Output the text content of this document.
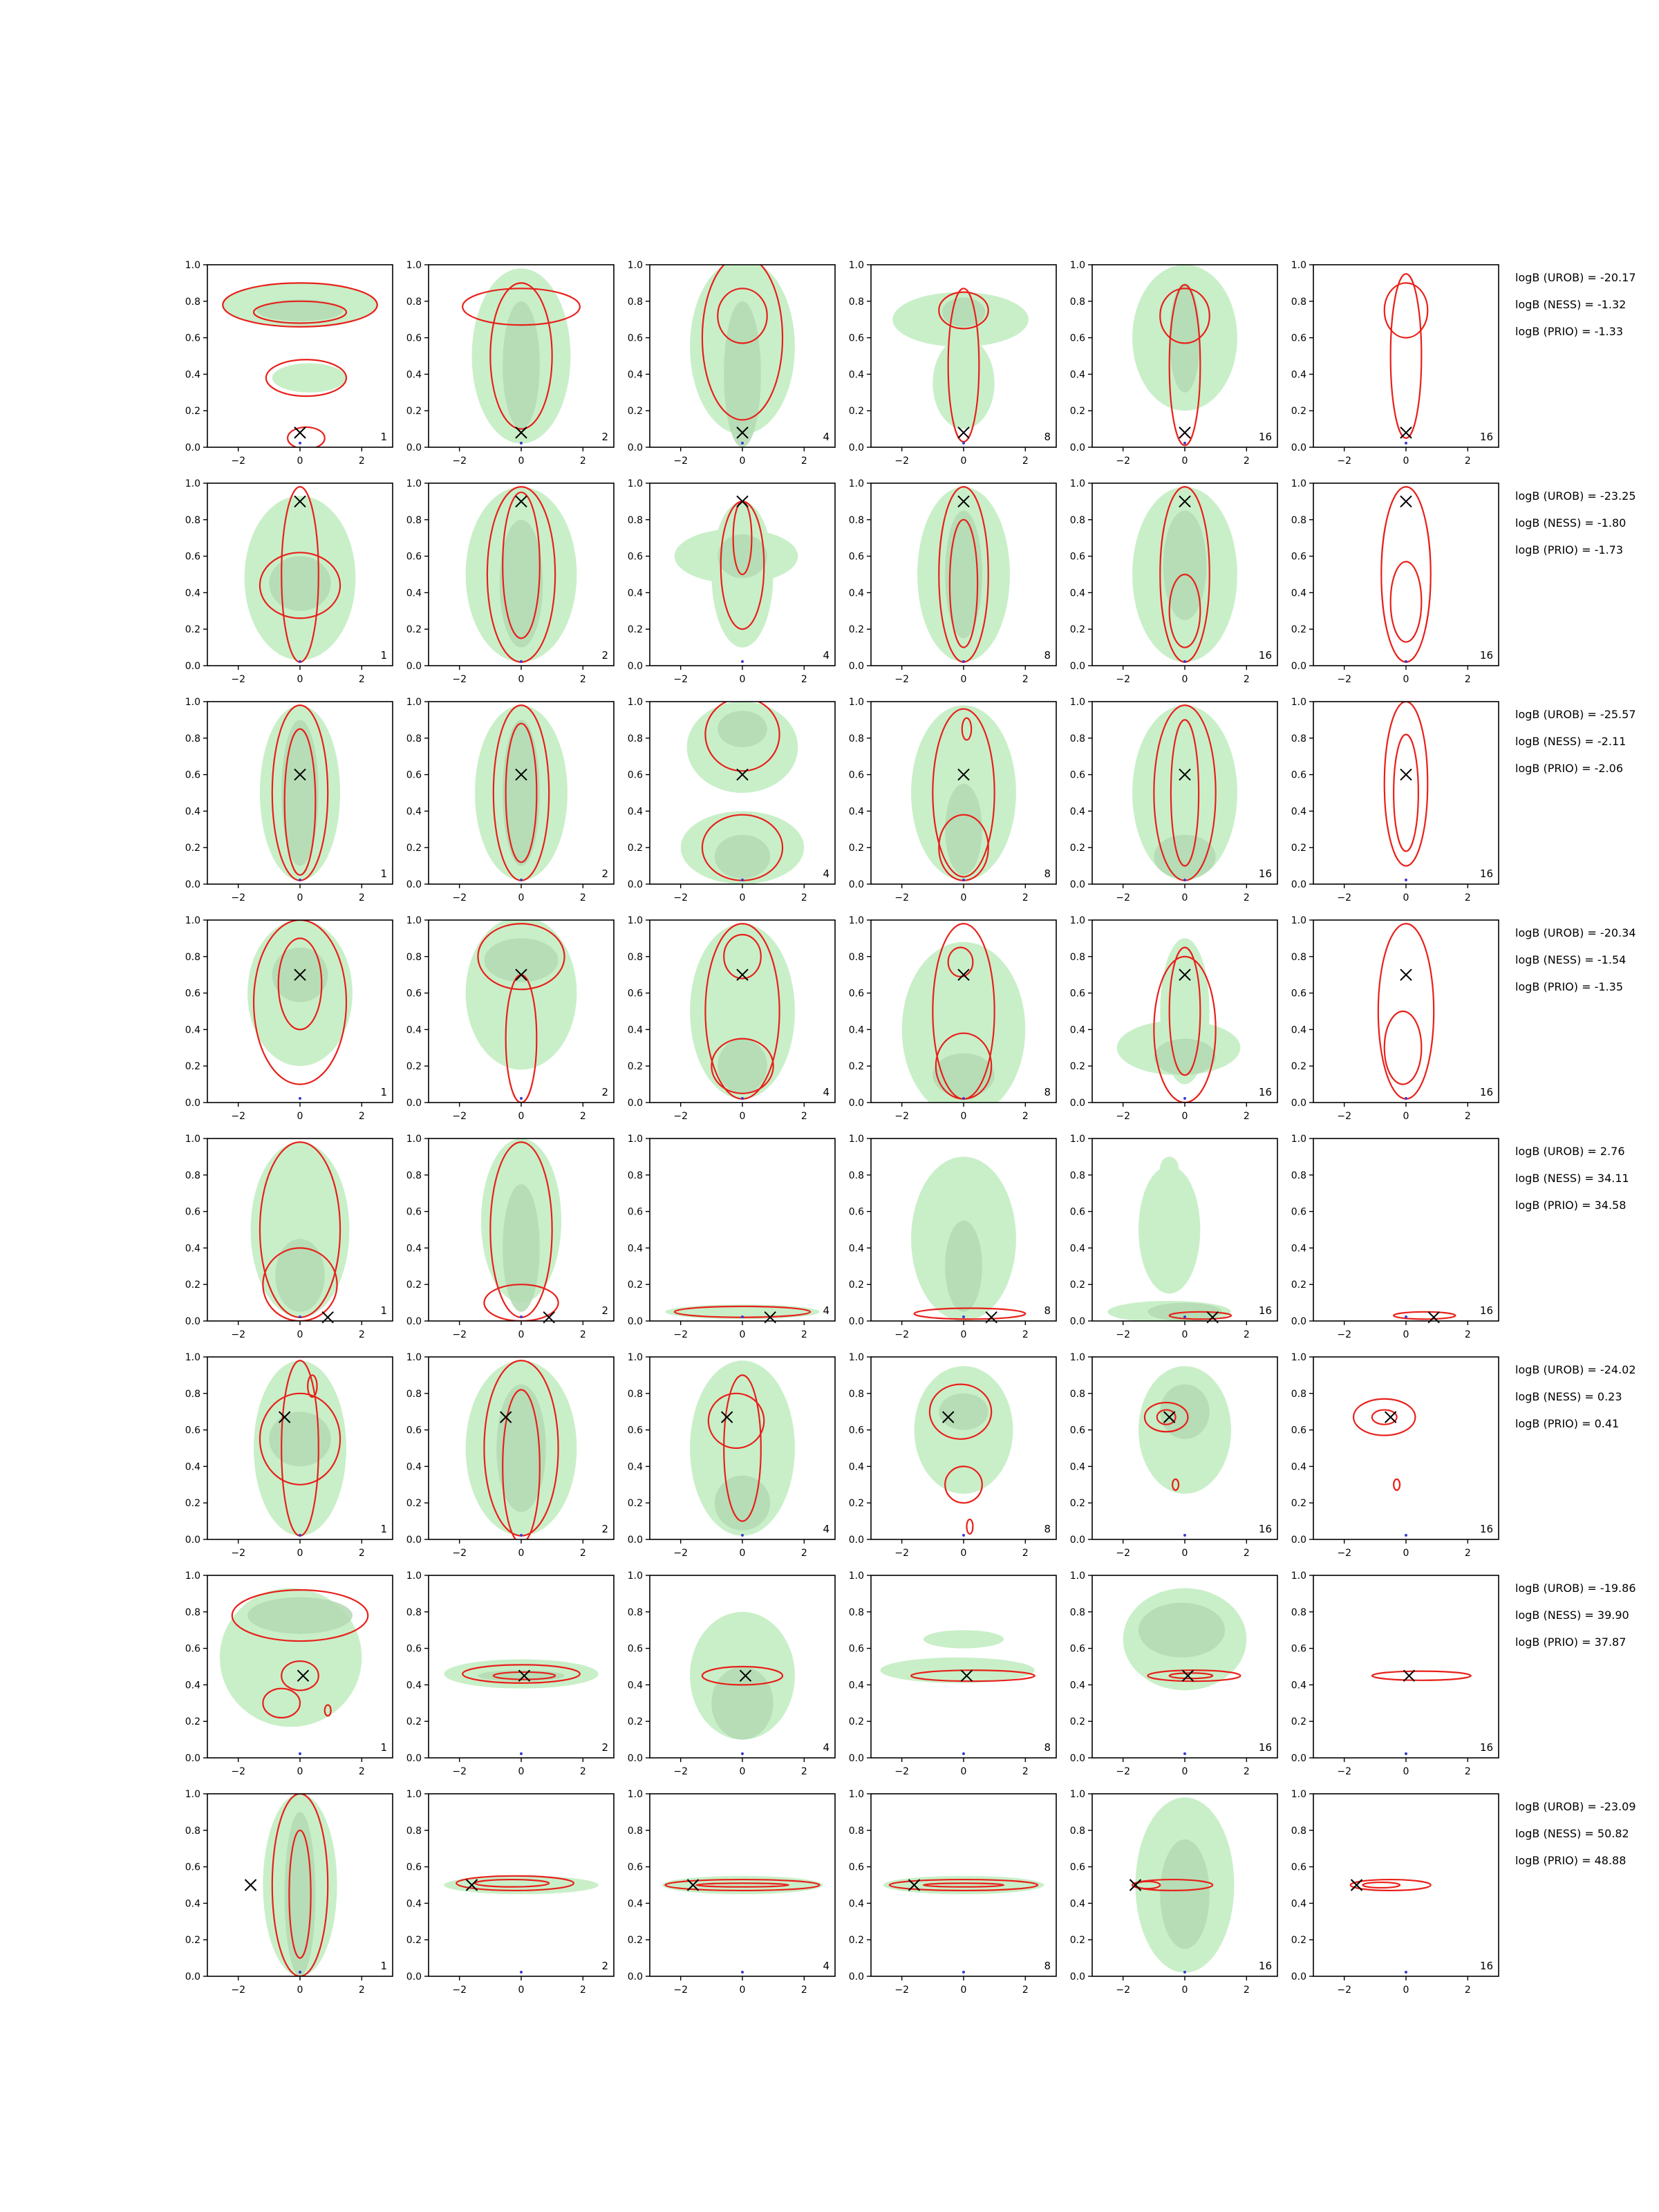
0.0
0.2
0.4
0.6
0.8
1.0
−2	0	2
1
0.0
0.2
0.4
0.6
0.8
1.0
−2	0	2
2
0.0
0.2
0.4
0.6
0.8
1.0
−2	0	2
4
0.0
0.2
0.4
0.6
0.8
1.0
−2	0	2
8
0.0
0.2
0.4
0.6
0.8
1.0
−2	0	2
16
0.0
0.2
0.4
0.6
0.8
1.0
−2	0	2
16
logB (UROB) = -20.17
logB (NESS) = -1.32
logB (PRIO) = -1.33
0.0
0.2
0.4
0.6
0.8
1.0
−2	0	2
1
0.0
0.2
0.4
0.6
0.8
1.0
−2	0	2
2
0.0
0.2
0.4
0.6
0.8
1.0
−2	0	2
4
0.0
0.2
0.4
0.6
0.8
1.0
−2	0	2
8
0.0
0.2
0.4
0.6
0.8
1.0
−2	0	2
16
0.0
0.2
0.4
0.6
0.8
1.0
−2	0	2
16
logB (UROB) = -23.25
logB (NESS) = -1.80
logB (PRIO) = -1.73
0.0
0.2
0.4
0.6
0.8
1.0
−2	0	2
1
0.0
0.2
0.4
0.6
0.8
1.0
−2	0	2
2
0.0
0.2
0.4
0.6
0.8
1.0
−2	0	2
4
0.0
0.2
0.4
0.6
0.8
1.0
−2	0	2
8
0.0
0.2
0.4
0.6
0.8
1.0
−2	0	2
16
0.0
0.2
0.4
0.6
0.8
1.0
−2	0	2
16
logB (UROB) = -25.57
logB (NESS) = -2.11
logB (PRIO) = -2.06
0.0
0.2
0.4
0.6
0.8
1.0
−2	0	2
1
0.0
0.2
0.4
0.6
0.8
1.0
−2	0	2
2
0.0
0.2
0.4
0.6
0.8
1.0
−2	0	2
4
0.0
0.2
0.4
0.6
0.8
1.0
−2	0	2
8
0.0
0.2
0.4
0.6
0.8
1.0
−2	0	2
16
0.0
0.2
0.4
0.6
0.8
1.0
−2	0	2
16
logB (UROB) = -20.34
logB (NESS) = -1.54
logB (PRIO) = -1.35
0.0
0.2
0.4
0.6
0.8
1.0
−2	0	2
1
0.0
0.2
0.4
0.6
0.8
1.0
−2	0	2
2
0.0
0.2
0.4
0.6
0.8
1.0
−2	0	2
4
0.0
0.2
0.4
0.6
0.8
1.0
−2	0	2
8
0.0
0.2
0.4
0.6
0.8
1.0
−2	0	2
16
0.0
0.2
0.4
0.6
0.8
1.0
−2	0	2
16
logB (UROB) = 2.76
logB (NESS) = 34.11
logB (PRIO) = 34.58
0.0
0.2
0.4
0.6
0.8
1.0
−2	0	2
1
0.0
0.2
0.4
0.6
0.8
1.0
−2	0	2
2
0.0
0.2
0.4
0.6
0.8
1.0
−2	0	2
4
0.0
0.2
0.4
0.6
0.8
1.0
−2	0	2
8
0.0
0.2
0.4
0.6
0.8
1.0
−2	0	2
16
0.0
0.2
0.4
0.6
0.8
1.0
−2	0	2
16
logB (UROB) = -24.02
logB (NESS) = 0.23
logB (PRIO) = 0.41
0.0
0.2
0.4
0.6
0.8
1.0
−2	0	2
1
0.0
0.2
0.4
0.6
0.8
1.0
−2	0	2
2
0.0
0.2
0.4
0.6
0.8
1.0
−2	0	2
4
0.0
0.2
0.4
0.6
0.8
1.0
−2	0	2
8
0.0
0.2
0.4
0.6
0.8
1.0
−2	0	2
16
0.0
0.2
0.4
0.6
0.8
1.0
−2	0	2
16
logB (UROB) = -19.86
logB (NESS) = 39.90
logB (PRIO) = 37.87
0.0
0.2
0.4
0.6
0.8
1.0
−2	0	2
1
0.0
0.2
0.4
0.6
0.8
1.0
−2	0	2
2
0.0
0.2
0.4
0.6
0.8
1.0
−2	0	2
4
0.0
0.2
0.4
0.6
0.8
1.0
−2	0	2
8
0.0
0.2
0.4
0.6
0.8
1.0
−2	0	2
16
0.0
0.2
0.4
0.6
0.8
1.0
−2	0	2
16
logB (UROB) = -23.09
logB (NESS) = 50.82
logB (PRIO) = 48.88
